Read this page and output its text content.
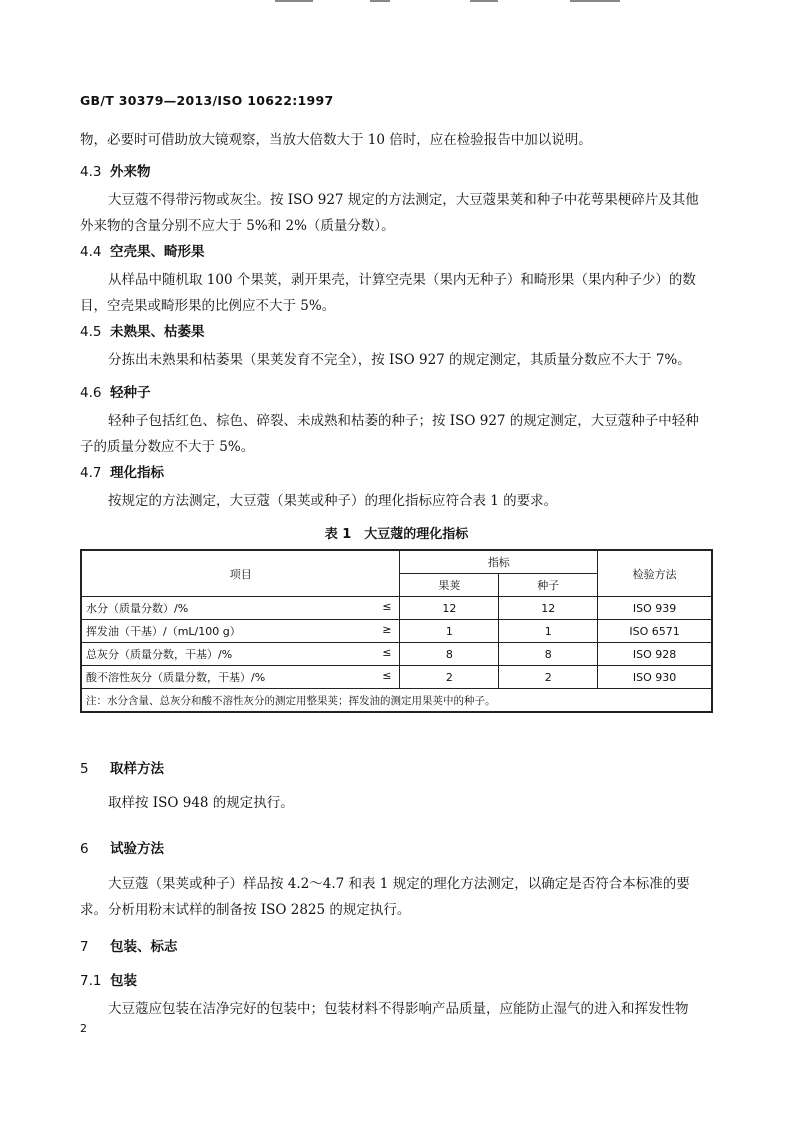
GB/T 30379—2013/ISO 10622:1997

物，必要时可借助放大镜观察，当放大倍数大于 10 倍时，应在检验报告中加以说明。

4.3 外来物

大豆蔻不得带污物或灰尘。按 ISO 927 规定的方法测定，大豆蔻果荚和种子中花萼果梗碎片及其他外来物的含量分别不应大于 5%和 2%（质量分数）。

4.4 空壳果、畸形果

从样品中随机取 100 个果荚，剥开果壳，计算空壳果（果内无种子）和畸形果（果内种子少）的数目，空壳果或畸形果的比例应不大于 5%。

4.5 未熟果、枯萎果

分拣出未熟果和枯萎果（果荚发育不完全），按 ISO 927 的规定测定，其质量分数应不大于 7%。

4.6 轻种子

轻种子包括红色、棕色、碎裂、未成熟和枯萎的种子；按 ISO 927 的规定测定，大豆蔻种子中轻种子的质量分数应不大于 5%。

4.7 理化指标

按规定的方法测定，大豆蔻（果荚或种子）的理化指标应符合表 1 的要求。

表 1　大豆蔻的理化指标
项目	指标		检验方法
	果荚	种子	

水分（质量分数）/% ≤	12	12	ISO 939

挥发油（干基）/（mL/100 g） ≥	1	1	ISO 6571

总灰分（质量分数，干基）/% ≤	8	8	ISO 928

酸不溶性灰分（质量分数，干基）/% ≤	2	2	ISO 930
注：水分含量、总灰分和酸不溶性灰分的测定用整果荚；挥发油的测定用果荚中的种子。			
5 取样方法

取样按 ISO 948 的规定执行。

6 试验方法

大豆蔻（果荚或种子）样品按 4.2～4.7 和表 1 规定的理化方法测定，以确定是否符合本标准的要求。 分析用粉末试样的制备按 ISO 2825 的规定执行。

7 包装、标志
7.1 包装

大豆蔻应包装在洁净完好的包装中；包装材料不得影响产品质量，应能防止湿气的进入和挥发性物

2
